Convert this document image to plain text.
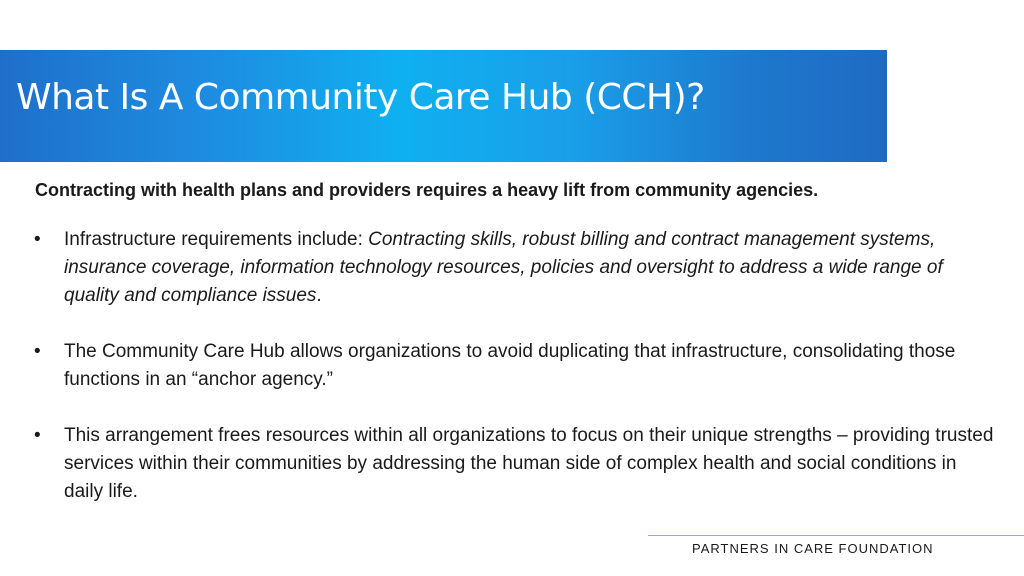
What Is A Community Care Hub (CCH)?

Contracting with health plans and providers requires a heavy lift from community agencies.

• Infrastructure requirements include: Contracting skills, robust billing and contract management systems, insurance coverage, information technology resources, policies and oversight to address a wide range of quality and compliance issues.
• The Community Care Hub allows organizations to avoid duplicating that infrastructure, consolidating those functions in an “anchor agency.”
• This arrangement frees resources within all organizations to focus on their unique strengths – providing trusted services within their communities by addressing the human side of complex health and social conditions in daily life.
PARTNERS IN CARE FOUNDATION
